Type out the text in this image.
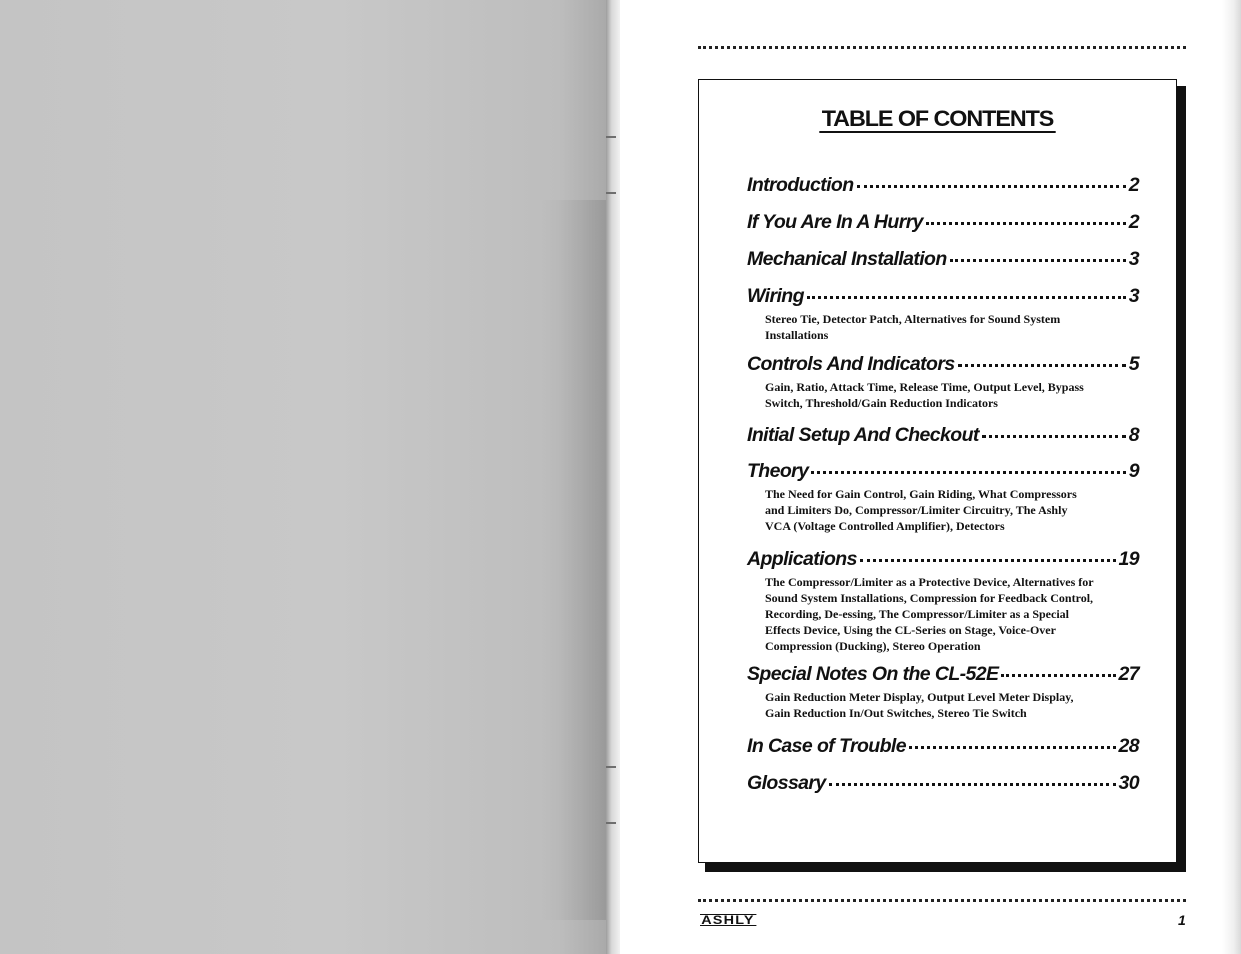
TABLE OF CONTENTS
Introduction	2
If You Are In A Hurry	2
Mechanical Installation	3
Wiring	3
Stereo Tie, Detector Patch, Alternatives for Sound System Installations
Controls And Indicators	5
Gain, Ratio, Attack Time, Release Time, Output Level, Bypass Switch, Threshold/Gain Reduction Indicators
Initial Setup And Checkout	8
Theory	9
The Need for Gain Control, Gain Riding, What Compressors and Limiters Do, Compressor/Limiter Circuitry, The Ashly VCA (Voltage Controlled Amplifier), Detectors
Applications	19
The Compressor/Limiter as a Protective Device, Alternatives for Sound System Installations, Compression for Feedback Control, Recording, De-essing, The Compressor/Limiter as a Special Effects Device, Using the CL-Series on Stage, Voice-Over Compression (Ducking), Stereo Operation
Special Notes On the CL-52E	27
Gain Reduction Meter Display, Output Level Meter Display, Gain Reduction In/Out Switches, Stereo Tie Switch
In Case of Trouble	28
Glossary	30
ASHLY	1
